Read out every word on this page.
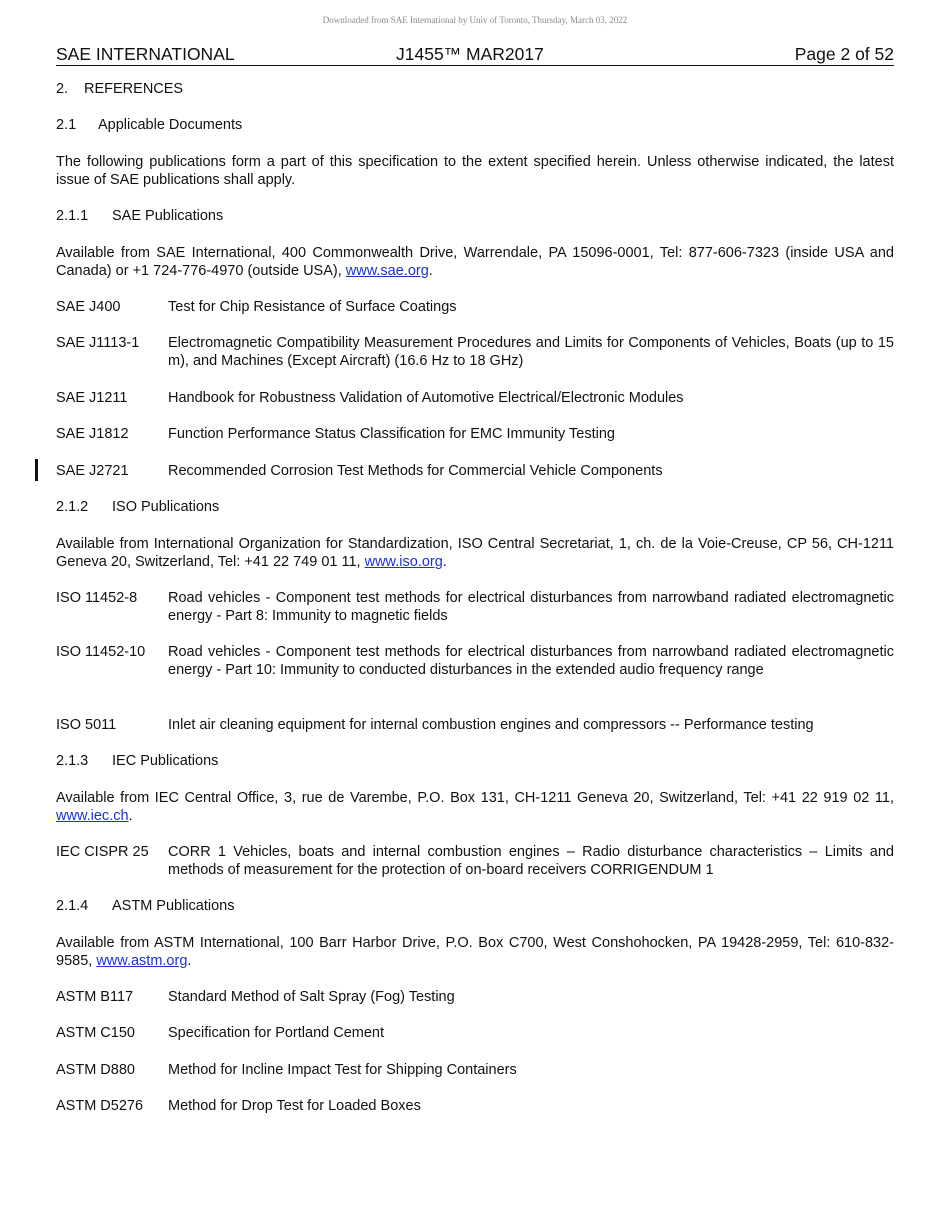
Downloaded from SAE International by Univ of Toronto, Thursday, March 03, 2022
SAE INTERNATIONAL	J1455™ MAR2017	Page 2 of 52
2. REFERENCES
2.1 Applicable Documents
The following publications form a part of this specification to the extent specified herein. Unless otherwise indicated, the latest issue of SAE publications shall apply.
2.1.1 SAE Publications
Available from SAE International, 400 Commonwealth Drive, Warrendale, PA 15096-0001, Tel: 877-606-7323 (inside USA and Canada) or +1 724-776-4970 (outside USA), www.sae.org.
SAE J400	Test for Chip Resistance of Surface Coatings
SAE J1113-1 Electromagnetic Compatibility Measurement Procedures and Limits for Components of Vehicles, Boats (up to 15 m), and Machines (Except Aircraft) (16.6 Hz to 18 GHz)
SAE J1211	Handbook for Robustness Validation of Automotive Electrical/Electronic Modules
SAE J1812	Function Performance Status Classification for EMC Immunity Testing
SAE J2721	Recommended Corrosion Test Methods for Commercial Vehicle Components
2.1.2 ISO Publications
Available from International Organization for Standardization, ISO Central Secretariat, 1, ch. de la Voie-Creuse, CP 56, CH-1211 Geneva 20, Switzerland, Tel: +41 22 749 01 11, www.iso.org.
ISO 11452-8 Road vehicles - Component test methods for electrical disturbances from narrowband radiated electromagnetic energy - Part 8: Immunity to magnetic fields
ISO 11452-10 Road vehicles - Component test methods for electrical disturbances from narrowband radiated electromagnetic energy - Part 10: Immunity to conducted disturbances in the extended audio frequency range
ISO 5011	Inlet air cleaning equipment for internal combustion engines and compressors -- Performance testing
2.1.3 IEC Publications
Available from IEC Central Office, 3, rue de Varembe, P.O. Box 131, CH-1211 Geneva 20, Switzerland, Tel: +41 22 919 02 11, www.iec.ch.
IEC CISPR 25 CORR 1 Vehicles, boats and internal combustion engines – Radio disturbance characteristics – Limits and methods of measurement for the protection of on-board receivers CORRIGENDUM 1
2.1.4 ASTM Publications
Available from ASTM International, 100 Barr Harbor Drive, P.O. Box C700, West Conshohocken, PA 19428-2959, Tel: 610-832-9585, www.astm.org.
ASTM B117 Standard Method of Salt Spray (Fog) Testing
ASTM C150 Specification for Portland Cement
ASTM D880 Method for Incline Impact Test for Shipping Containers
ASTM D5276 Method for Drop Test for Loaded Boxes
